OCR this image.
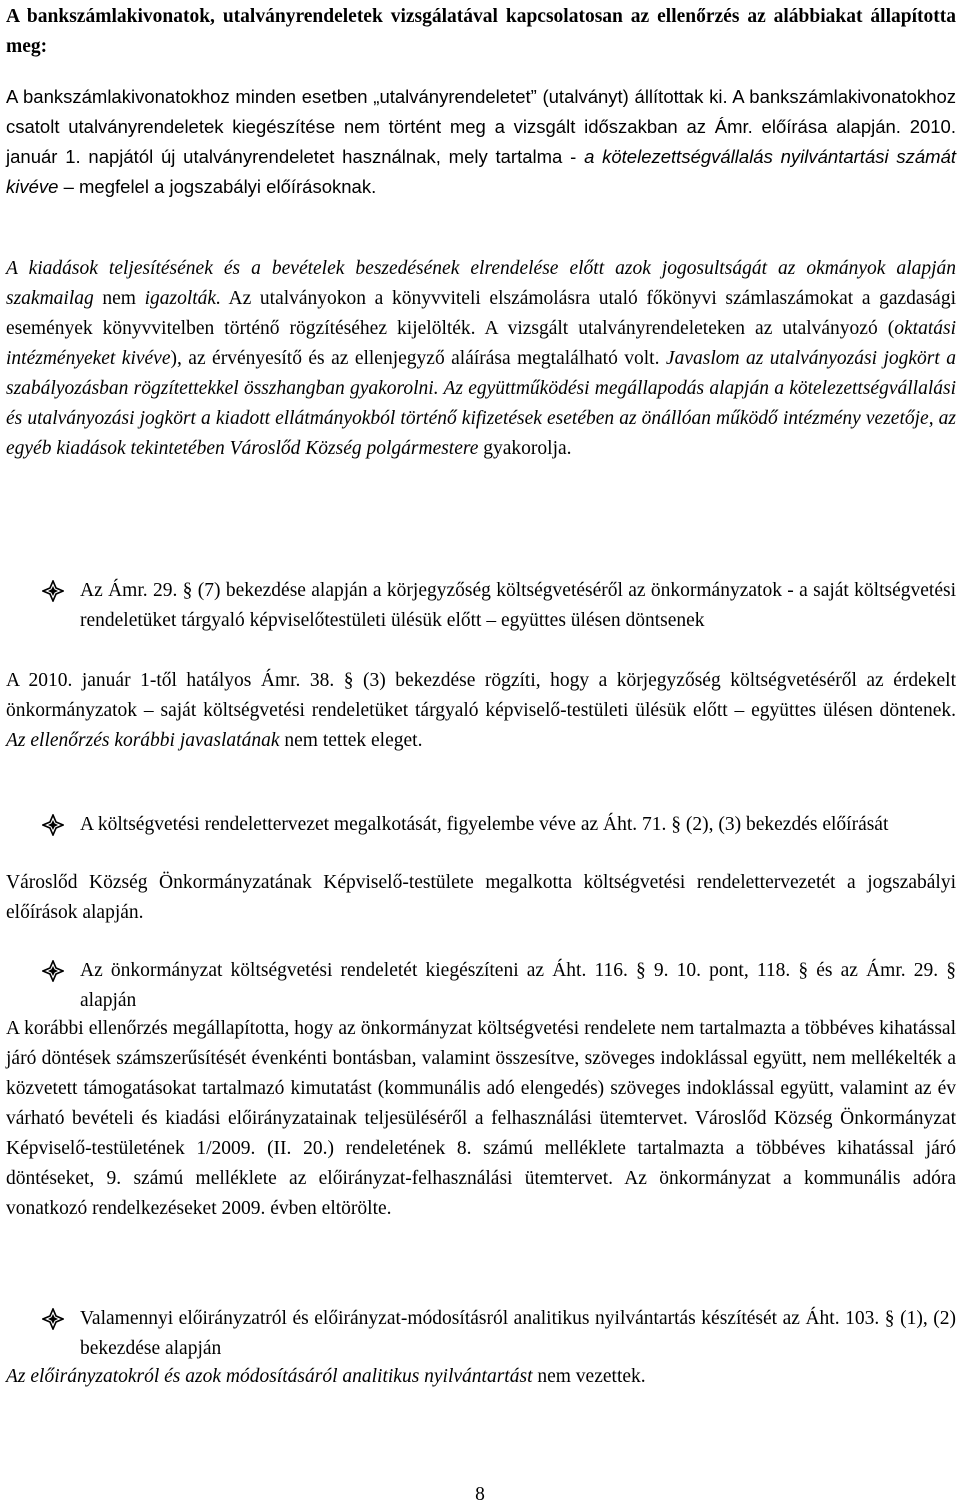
A bankszámlakivonatok, utalványrendeletek vizsgálatával kapcsolatosan az ellenőrzés az alábbiakat állapította meg:

A bankszámlakivonatokhoz minden esetben „utalványrendeletet” (utalványt) állítottak ki. A bankszámlakivonatokhoz csatolt utalványrendeletek kiegészítése nem történt meg a vizsgált időszakban az Ámr. előírása alapján. 2010. január 1. napjától új utalványrendeletet használnak, mely tartalma - a kötelezettségvállalás nyilvántartási számát kivéve – megfelel a jogszabályi előírásoknak.

A kiadások teljesítésének és a bevételek beszedésének elrendelése előtt azok jogosultságát az okmányok alapján szakmailag nem igazolták. Az utalványokon a könyvviteli elszámolásra utaló főkönyvi számlaszámokat a gazdasági események könyvvitelben történő rögzítéséhez kijelölték. A vizsgált utalványrendeleteken az utalványozó (oktatási intézményeket kivéve), az érvényesítő és az ellenjegyző aláírása megtalálható volt. Javaslom az utalványozási jogkört a szabályozásban rögzítettekkel összhangban gyakorolni. Az együttműködési megállapodás alapján a kötelezettségvállalási és utalványozási jogkört a kiadott ellátmányokból történő kifizetések esetében az önállóan működő intézmény vezetője, az egyéb kiadások tekintetében Városlőd Község polgármestere gyakorolja.

Az Ámr. 29. § (7) bekezdése alapján a körjegyzőség költségvetéséről az önkormányzatok - a saját költségvetési rendeletüket tárgyaló képviselőtestületi ülésük előtt – együttes ülésen döntsenek

A 2010. január 1-től hatályos Ámr. 38. § (3) bekezdése rögzíti, hogy a körjegyzőség költségvetéséről az érdekelt önkormányzatok – saját költségvetési rendeletüket tárgyaló képviselő-testületi ülésük előtt – együttes ülésen döntenek. Az ellenőrzés korábbi javaslatának nem tettek eleget.

A költségvetési rendelettervezet megalkotását, figyelembe véve az Áht. 71. § (2), (3) bekezdés előírását

Városlőd Község Önkormányzatának Képviselő-testülete megalkotta költségvetési rendelettervezetét a jogszabályi előírások alapján.

Az önkormányzat költségvetési rendeletét kiegészíteni az Áht. 116. § 9. 10. pont, 118. § és az Ámr. 29. § alapján

A korábbi ellenőrzés megállapította, hogy az önkormányzat költségvetési rendelete nem tartalmazta a többéves kihatással járó döntések számszerűsítését évenkénti bontásban, valamint összesítve, szöveges indoklással együtt, nem mellékelték a közvetett támogatásokat tartalmazó kimutatást (kommunális adó elengedés) szöveges indoklással együtt, valamint az év várható bevételi és kiadási előirányzatainak teljesüléséről a felhasználási ütemtervet. Városlőd Község Önkormányzat Képviselő-testületének 1/2009. (II. 20.) rendeletének 8. számú melléklete tartalmazta a többéves kihatással járó döntéseket, 9. számú melléklete az előirányzat-felhasználási ütemtervet. Az önkormányzat a kommunális adóra vonatkozó rendelkezéseket 2009. évben eltörölte.

Valamennyi előirányzatról és előirányzat-módosításról analitikus nyilvántartás készítését az Áht. 103. § (1), (2) bekezdése alapján

Az előirányzatokról és azok módosításáról analitikus nyilvántartást nem vezettek.

8
